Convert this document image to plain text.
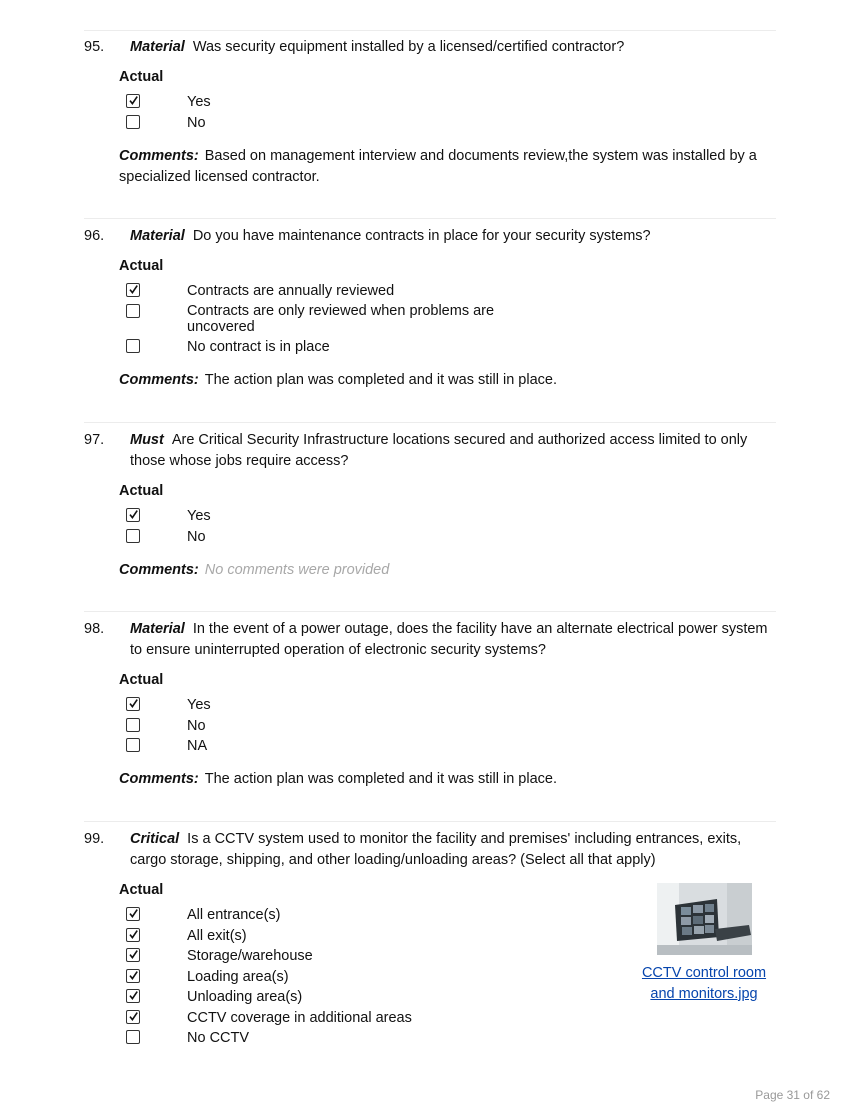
95. Material Was security equipment installed by a licensed/certified contractor?
Actual
Yes
No
Comments: Based on management interview and documents review,the system was installed by a specialized licensed contractor.
96. Material Do you have maintenance contracts in place for your security systems?
Actual
Contracts are annually reviewed
Contracts are only reviewed when problems are uncovered
No contract is in place
Comments: The action plan was completed and it was still in place.
97. Must Are Critical Security Infrastructure locations secured and authorized access limited to only those whose jobs require access?
Actual
Yes
No
Comments: No comments were provided
98. Material In the event of a power outage, does the facility have an alternate electrical power system to ensure uninterrupted operation of electronic security systems?
Actual
Yes
No
NA
Comments: The action plan was completed and it was still in place.
99. Critical Is a CCTV system used to monitor the facility and premises' including entrances, exits, cargo storage, shipping, and other loading/unloading areas? (Select all that apply)
Actual
All entrance(s)
All exit(s)
Storage/warehouse
Loading area(s)
Unloading area(s)
CCTV coverage in additional areas
No CCTV
CCTV control room and monitors.jpg
Page 31 of 62
